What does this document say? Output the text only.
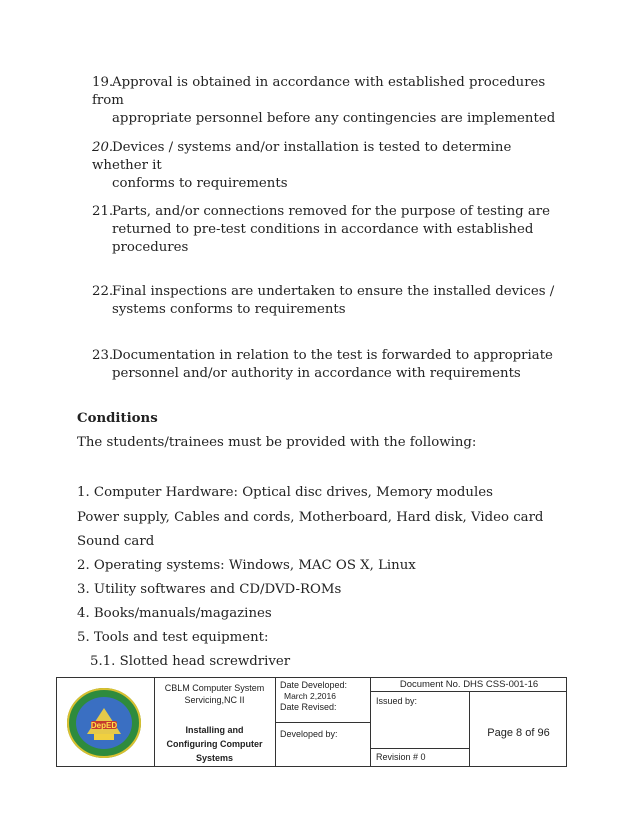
19.Approval is obtained in accordance with established procedures from
appropriate personnel before any contingencies are implemented
20.Devices / systems and/or installation is tested to determine whether it
conforms to requirements
21.Parts, and/or connections removed for the purpose of testing are
returned to pre-test conditions in accordance with established
procedures
22.Final inspections are undertaken to ensure the installed devices /
systems conforms to requirements
23.Documentation in relation to the test is forwarded to appropriate
personnel and/or authority in accordance with requirements
Conditions
The students/trainees must be provided with the following:
1. Computer Hardware: Optical disc drives, Memory modules
Power supply, Cables and cords, Motherboard, Hard disk, Video card
Sound card
2. Operating systems: Windows, MAC OS X, Linux
3. Utility softwares and CD/DVD-ROMs
4. Books/manuals/magazines
5. Tools and test equipment:
5.1. Slotted head screwdriver
DepED
CBLM Computer System
Servicing,NC II
Installing and
Configuring Computer
Systems
Date Developed:
March 2,2016
Date Revised:
Developed by:
Document No. DHS CSS-001-16
Issued by:
Revision # 0
Page 8 of 96
